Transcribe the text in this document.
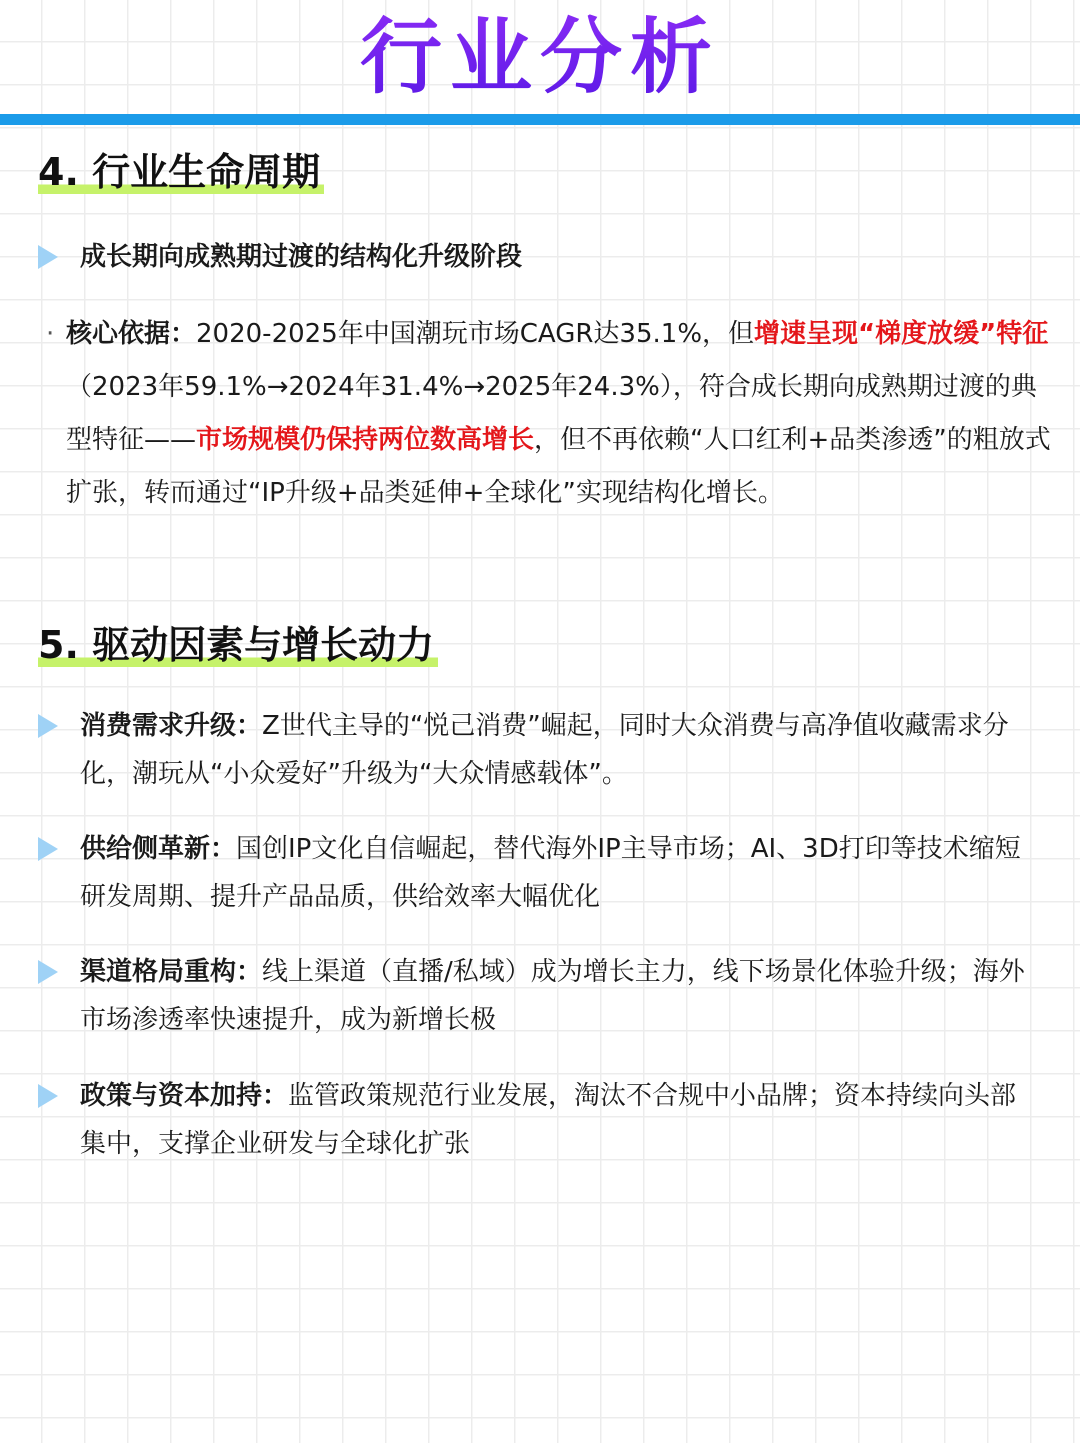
行业分析
4. 行业生命周期
成长期向成熟期过渡的结构化升级阶段
· 核心依据：2020-2025年中国潮玩市场CAGR达35.1%，但增速呈现“梯度放缓”特征（2023年59.1%→2024年31.4%→2025年24.3%），符合成长期向成熟期过渡的典型特征——市场规模仍保持两位数高增长，但不再依赖“人口红利+品类渗透”的粗放式扩张，转而通过“IP升级+品类延伸+全球化”实现结构化增长。
5. 驱动因素与增长动力
消费需求升级：Z世代主导的“悦己消费”崛起，同时大众消费与高净值收藏需求分化，潮玩从“小众爱好”升级为“大众情感载体”。
供给侧革新：国创IP文化自信崛起，替代海外IP主导市场；AI、3D打印等技术缩短研发周期、提升产品品质，供给效率大幅优化
渠道格局重构：线上渠道（直播/私域）成为增长主力，线下场景化体验升级；海外市场渗透率快速提升，成为新增长极
政策与资本加持：监管政策规范行业发展，淘汰不合规中小品牌；资本持续向头部集中，支撑企业研发与全球化扩张
